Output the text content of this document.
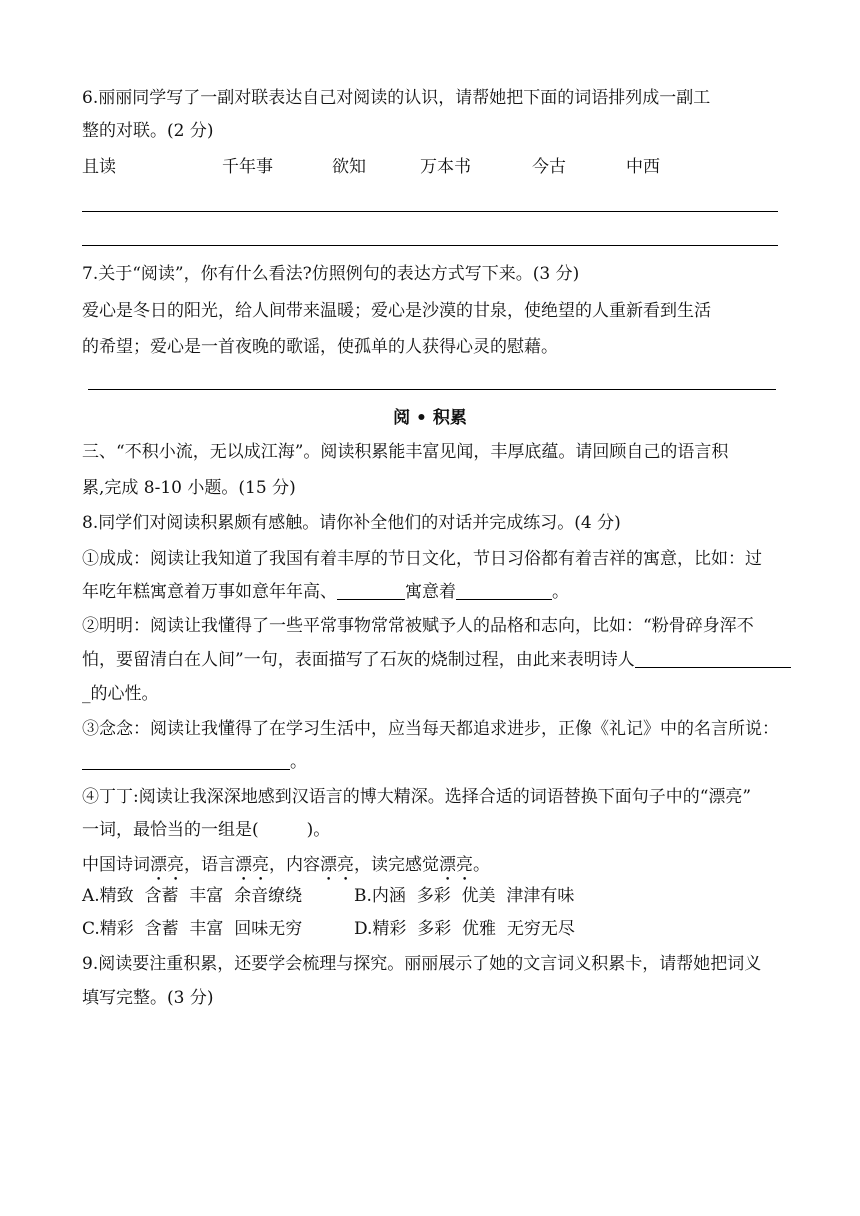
6.丽丽同学写了一副对联表达自己对阅读的认识，请帮她把下面的词语排列成一副工
整的对联。(2 分)
且读	千年事	欲知	万本书	今古	中西
7.关于“阅读”，你有什么看法?仿照例句的表达方式写下来。(3 分)
爱心是冬日的阳光，给人间带来温暖；爱心是沙漠的甘泉，使绝望的人重新看到生活
的希望；爱心是一首夜晚的歌谣，使孤单的人获得心灵的慰藉。
阅 • 积累
三、“不积小流，无以成江海”。阅读积累能丰富见闻，丰厚底蕴。请回顾自己的语言积
累,完成 8-10 小题。(15 分)
8.同学们对阅读积累颇有感触。请你补全他们的对话并完成练习。(4 分)
①成成：阅读让我知道了我国有着丰厚的节日文化，节日习俗都有着吉祥的寓意，比如：过
年吃年糕寓意着万事如意年年高、	寓意着	。
②明明：阅读让我懂得了一些平常事物常常被赋予人的品格和志向，比如：“粉骨碎身浑不
怕，要留清白在人间”一句，表面描写了石灰的烧制过程，由此来表明诗人
_的心性。
③念念：阅读让我懂得了在学习生活中，应当每天都追求进步，正像《礼记》中的名言所说：
。
④丁丁:阅读让我深深地感到汉语言的博大精深。选择合适的词语替换下面句子中的“漂亮”
一词，最恰当的一组是(	)。
中国诗词漂亮，语言漂亮，内容漂亮，读完感觉漂亮。
A.精致  含蓄  丰富  余音缭绕	B.内涵  多彩  优美  津津有味
C.精彩  含蓄  丰富  回味无穷	D.精彩  多彩  优雅  无穷无尽
9.阅读要注重积累，还要学会梳理与探究。丽丽展示了她的文言词义积累卡，请帮她把词义
填写完整。(3 分)
